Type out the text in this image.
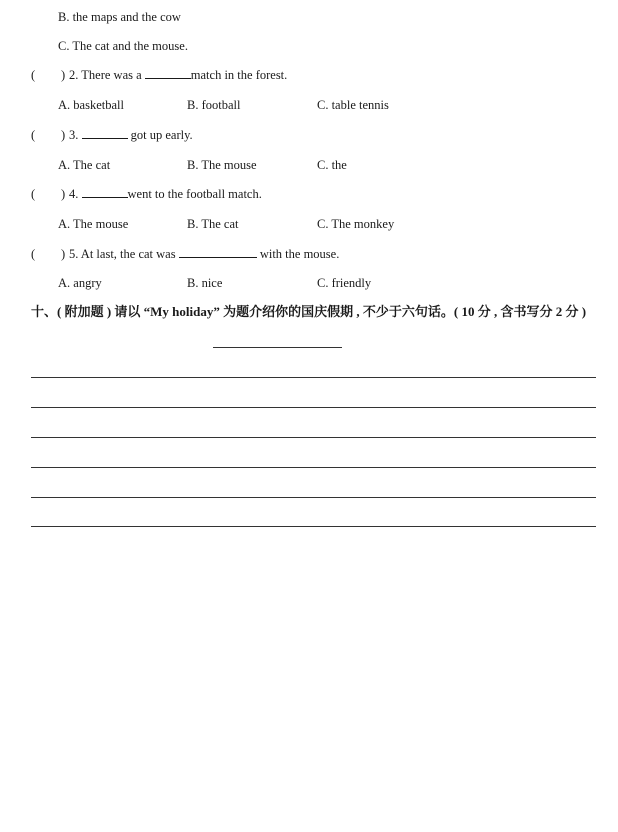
B. the maps and the cow
C. The cat and the mouse.
( ) 2. There was a	match in the forest.
A. basketball	B. football	C. table tennis
( ) 3.	got up early.
A. The cat	B. The mouse	C. the
( ) 4.	went to the football match.
A. The mouse	B. The cat	C. The monkey
( ) 5. At last, the cat was	with the mouse.
A. angry	B. nice	C. friendly
十、( 附加题 ) 请以 “My holiday” 为题介绍你的国庆假期 , 不少于六句话。( 10 分 , 含书写分 2 分 )
